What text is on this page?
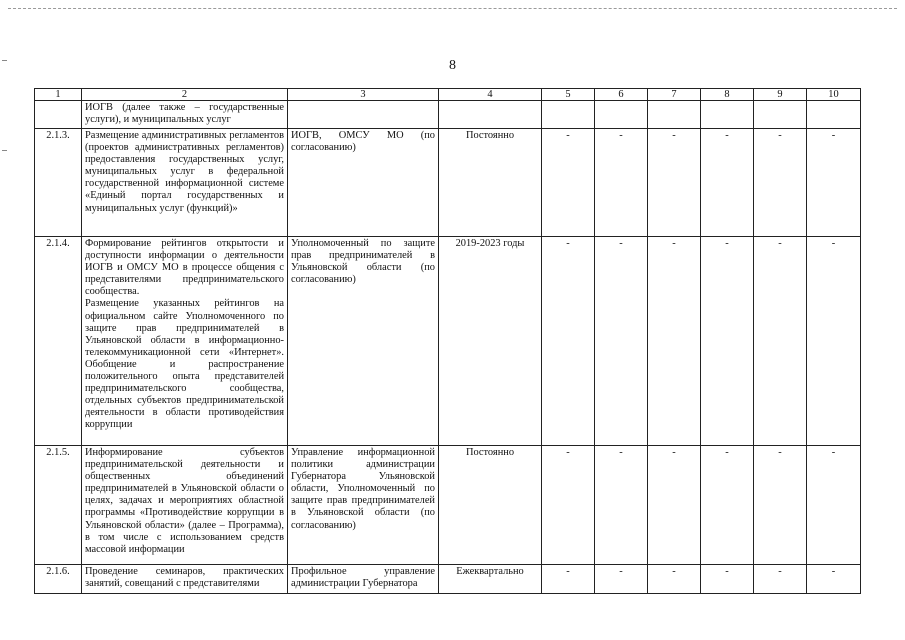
8
1	2	3	4	5	6	7	8	9	10
	ИОГВ (далее также – государственные услуги), и муниципальных услуг								
2.1.3.	Размещение административных регламентов (проектов административных регламентов) предоставления государственных услуг, муниципальных услуг в федеральной государственной информационной системе «Единый портал государственных и муниципальных услуг (функций)»	ИОГВ, ОМСУ МО (по согласованию)	Постоянно	-	-	-	-	-	-
2.1.4.	Формирование рейтингов открытости и доступности информации о деятельности ИОГВ и ОМСУ МО в процессе общения с представителями предпринимательского сообщества.
Размещение указанных рейтингов на официальном сайте Уполномоченного по защите прав предпринимателей в Ульяновской области в информационно-телекоммуникационной сети «Интернет». Обобщение и распространение положительного опыта представителей предпринимательского сообщества, отдельных субъектов предпринимательской деятельности в области противодействия коррупции	Уполномоченный по защите прав предпринимателей в Ульяновской области (по согласованию)	2019-2023 годы	-	-	-	-	-	-
2.1.5.	Информирование субъектов предпринимательской деятельности и общественных объединений предпринимателей в Ульяновской области о целях, задачах и мероприятиях областной программы «Противодействие коррупции в Ульяновской области» (далее – Программа), в том числе с использованием средств массовой информации	Управление информационной политики администрации Губернатора Ульяновской области, Уполномоченный по защите прав предпринимателей в Ульяновской области (по согласованию)	Постоянно	-	-	-	-	-	-
2.1.6.	Проведение семинаров, практических занятий, совещаний с представителями	Профильное управление администрации Губернатора	Ежеквартально	-	-	-	-	-	-
